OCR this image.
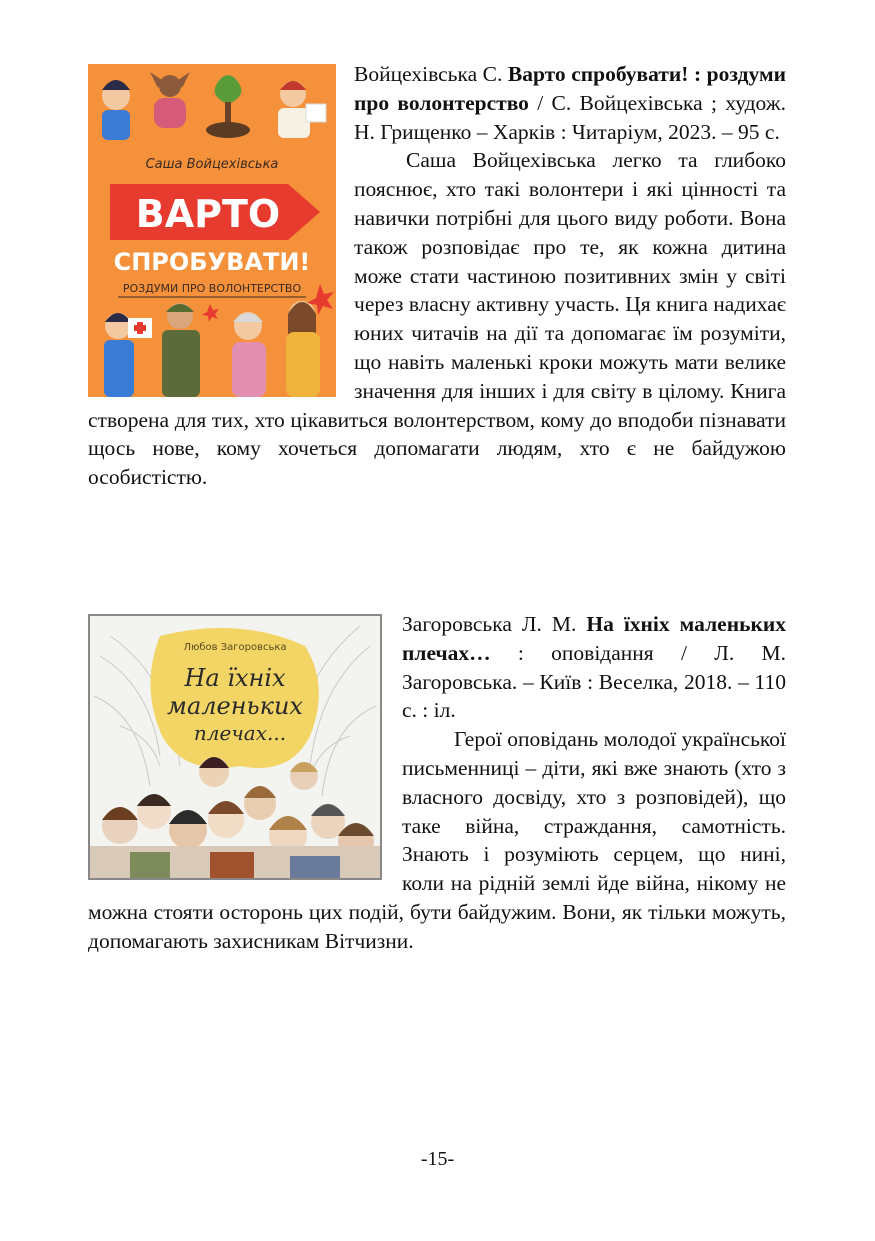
Саша Войцехівська
ВАРТО
СПРОБУВАТИ!
РОЗДУМИ ПРО ВОЛОНТЕРСТВО

Войцехівська С. Варто спробувати! : роздуми про волонтерство / С. Войцехівська ; худож. Н. Грищенко – Харків : Читаріум, 2023. – 95 с.

Саша Войцехівська легко та глибоко пояснює, хто такі волонтери і які цінності та навички потрібні для цього виду роботи. Вона також розповідає про те, як кожна дитина може стати частиною позитивних змін у світі через власну активну участь. Ця книга надихає юних читачів на дії та допомагає їм розуміти, що навіть маленькі кроки можуть мати велике значення для інших і для світу в цілому. Книга створена для тих, хто цікавиться волонтерством, кому до вподоби пізнавати щось нове, кому хочеться допомагати людям, хто є не байдужою особистістю.

Любов Загоровська
На їхніх
маленьких
плечах...

Загоровська Л. М. На їхніх маленьких плечах… : оповідання / Л. М. Загоровська. – Київ : Веселка, 2018. – 110 с. : іл.

Герої оповідань молодої української письменниці – діти, які вже знають (хто з власного досвіду, хто з розповідей), що таке війна, страждання, самотність. Знають і розуміють серцем, що нині, коли на рідній землі йде війна, нікому не можна стояти осторонь цих подій, бути байдужим. Вони, як тільки можуть, допомагають захисникам Вітчизни.

-15-
